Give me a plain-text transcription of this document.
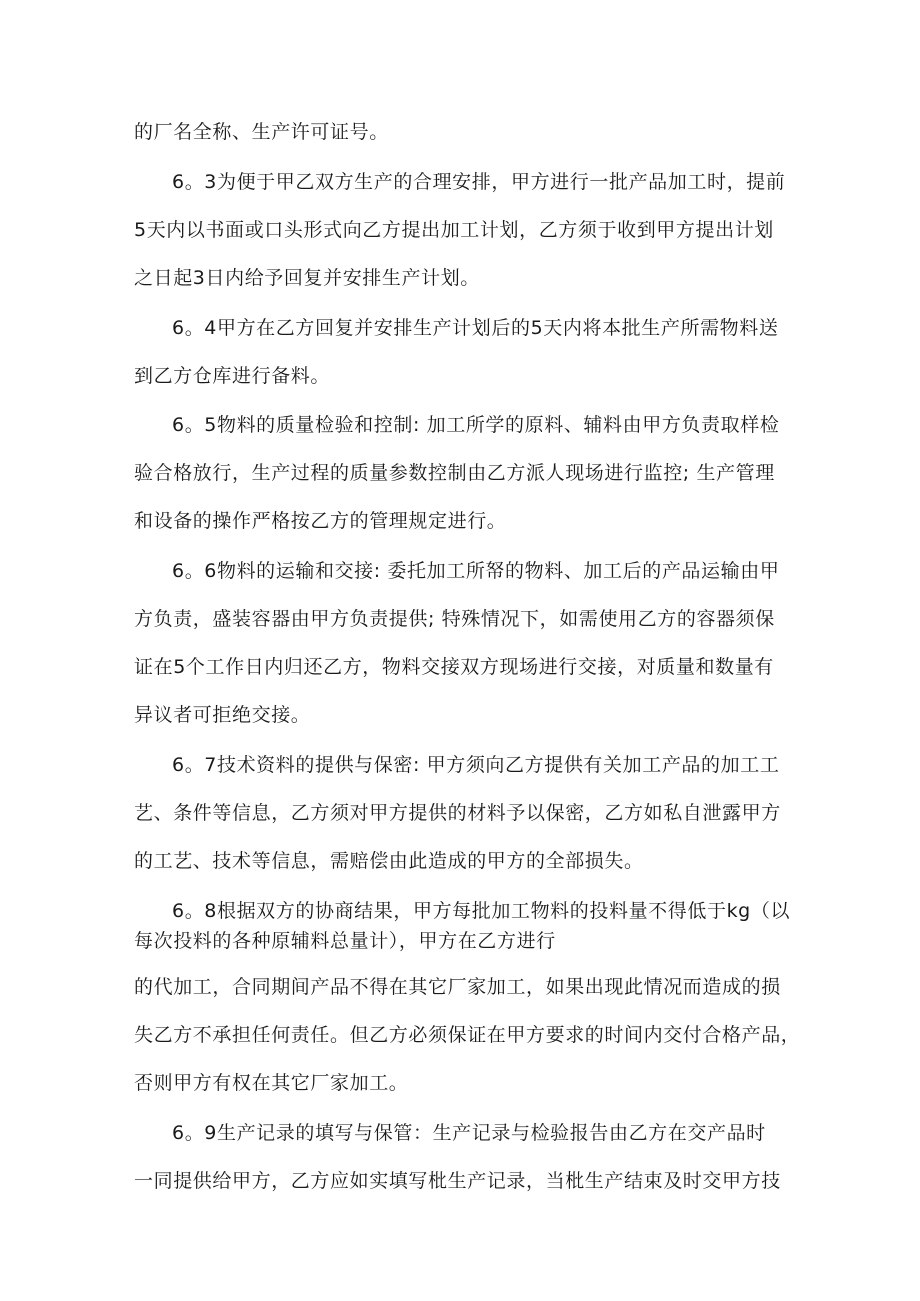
的厂名全称、生产许可证号。
6。3为便于甲乙双方生产的合理安排，甲方进行一批产品加工时，提前
5天内以书面或口头形式向乙方提出加工计划，乙方须于收到甲方提出计划
之日起3日内给予回复并安排生产计划。
6。4甲方在乙方回复并安排生产计划后的5天内将本批生产所需物料送
到乙方仓库进行备料。
6。5物料的质量检验和控制: 加工所学的原料、辅料由甲方负责取样检
验合格放行，生产过程的质量参数控制由乙方派人现场进行监控; 生产管理
和设备的操作严格按乙方的管理规定进行。
6。6物料的运输和交接: 委托加工所帑的物料、加工后的产品运输由甲
方负责，盛装容器由甲方负责提供; 特殊情况下，如需使用乙方的容器须保
证在5个工作日内归还乙方，物料交接双方现场进行交接，对质量和数量有
异议者可拒绝交接。
6。7技术资料的提供与保密: 甲方须向乙方提供有关加工产品的加工工
艺、条件等信息，乙方须对甲方提供的材料予以保密，乙方如私自泄露甲方
的工艺、技术等信息，需赔偿由此造成的甲方的全部损失。
6。8根据双方的协商结果，甲方每批加工物料的投料量不得低于kg（以
每次投料的各种原辅料总量计），甲方在乙方进行
的代加工，合同期间产品不得在其它厂家加工，如果出现此情况而造成的损
失乙方不承担任何责任。但乙方必须保证在甲方要求的时间内交付合格产品，
否则甲方有权在其它厂家加工。
6。9生产记录的填写与保管：生产记录与检验报告由乙方在交产品时
一同提供给甲方，乙方应如实填写枇生产记录，当枇生产结束及时交甲方技
